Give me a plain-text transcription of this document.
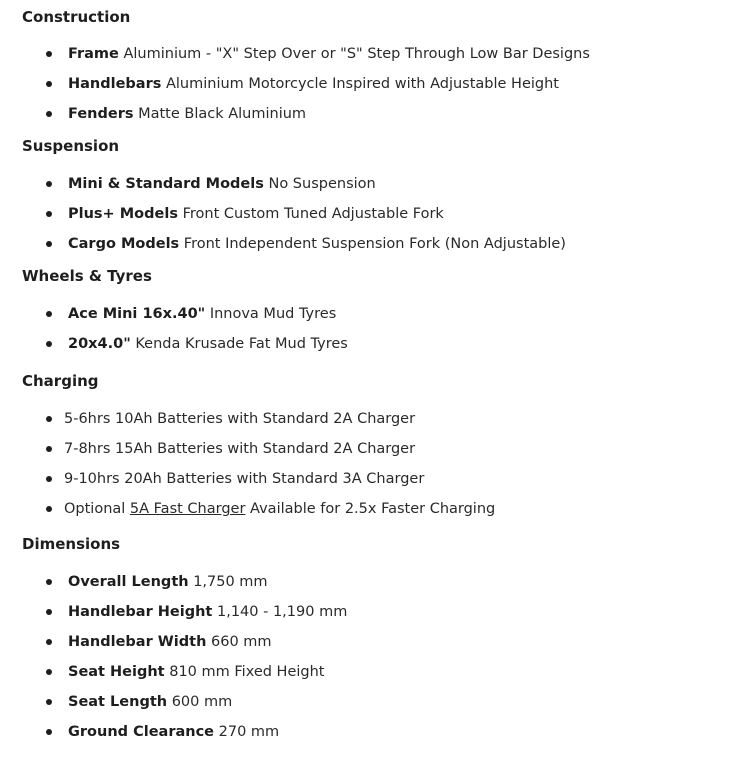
Construction
Frame Aluminium - "X" Step Over or "S" Step Through Low Bar Designs
Handlebars Aluminium Motorcycle Inspired with Adjustable Height
Fenders Matte Black Aluminium
Suspension
Mini & Standard Models No Suspension
Plus+ Models Front Custom Tuned Adjustable Fork
Cargo Models Front Independent Suspension Fork (Non Adjustable)
Wheels & Tyres
Ace Mini 16x.40" Innova Mud Tyres
20x4.0" Kenda Krusade Fat Mud Tyres
Charging
5-6hrs 10Ah Batteries with Standard 2A Charger
7-8hrs 15Ah Batteries with Standard 2A Charger
9-10hrs 20Ah Batteries with Standard 3A Charger
Optional 5A Fast Charger Available for 2.5x Faster Charging
Dimensions
Overall Length 1,750 mm
Handlebar Height 1,140 - 1,190 mm
Handlebar Width 660 mm
Seat Height 810 mm Fixed Height
Seat Length 600 mm
Ground Clearance 270 mm
